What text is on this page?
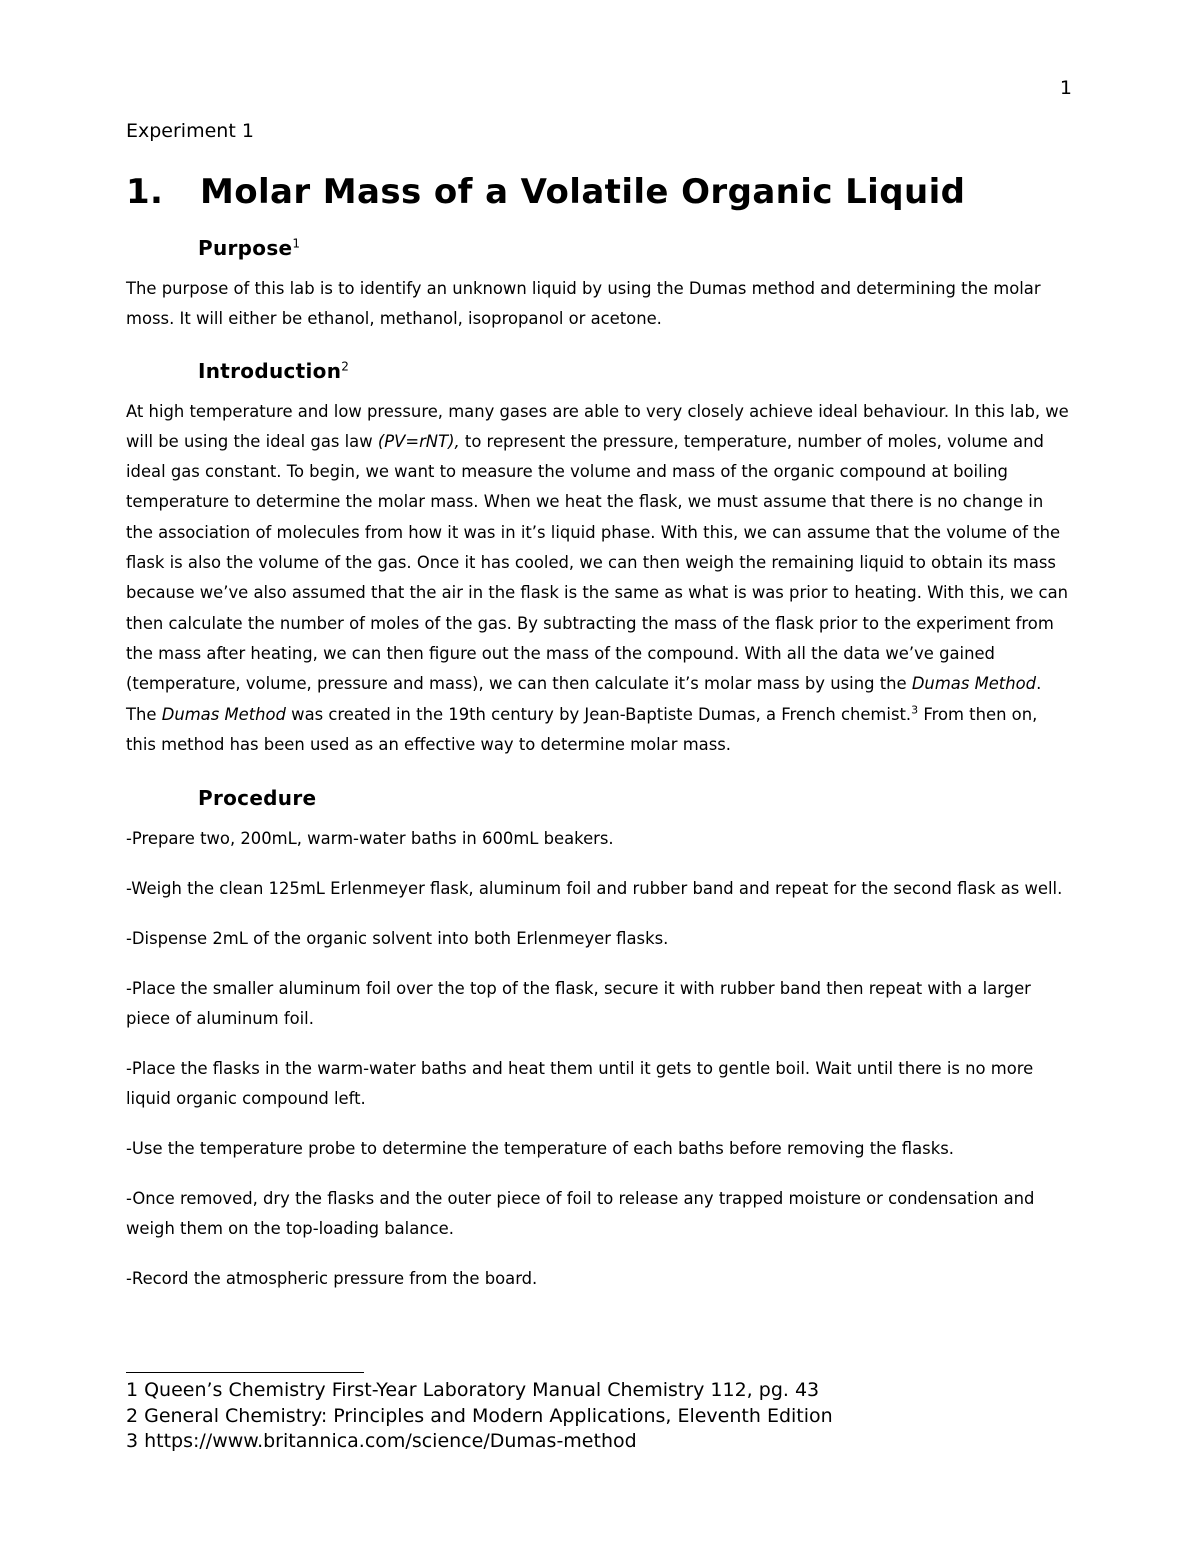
1
Experiment 1
1.	Molar Mass of a Volatile Organic Liquid
Purpose$^1$

The purpose of this lab is to identify an unknown liquid by using the Dumas method and determining the molar moss. It will either be ethanol, methanol, isopropanol or acetone.

Introduction$^2$

At high temperature and low pressure, many gases are able to very closely achieve ideal behaviour. In this lab, we will be using the ideal gas law (PV=rNT), to represent the pressure, temperature, number of moles, volume and ideal gas constant. To begin, we want to measure the volume and mass of the organic compound at boiling temperature to determine the molar mass. When we heat the flask, we must assume that there is no change in the association of molecules from how it was in it’s liquid phase. With this, we can assume that the volume of the flask is also the volume of the gas. Once it has cooled, we can then weigh the remaining liquid to obtain its mass because we’ve also assumed that the air in the flask is the same as what is was prior to heating. With this, we can then calculate the number of moles of the gas. By subtracting the mass of the flask prior to the experiment from the mass after heating, we can then figure out the mass of the compound. With all the data we’ve gained (temperature, volume, pressure and mass), we can then calculate it’s molar mass by using the Dumas Method. The Dumas Method was created in the 19th century by Jean-Baptiste Dumas, a French chemist.$^3$ From then on, this method has been used as an effective way to determine molar mass.

Procedure

-Prepare two, 200mL, warm-water baths in 600mL beakers.

-Weigh the clean 125mL Erlenmeyer flask, aluminum foil and rubber band and repeat for the second flask as well.

-Dispense 2mL of the organic solvent into both Erlenmeyer flasks.

-Place the smaller aluminum foil over the top of the flask, secure it with rubber band then repeat with a larger piece of aluminum foil.

-Place the flasks in the warm-water baths and heat them until it gets to gentle boil. Wait until there is no more liquid organic compound left.

-Use the temperature probe to determine the temperature of each baths before removing the flasks.

-Once removed, dry the flasks and the outer piece of foil to release any trapped moisture or condensation and weigh them on the top-loading balance.

-Record the atmospheric pressure from the board.

1 Queen’s Chemistry First-Year Laboratory Manual Chemistry 112, pg. 43
2 General Chemistry: Principles and Modern Applications, Eleventh Edition
3 https://www.britannica.com/science/Dumas-method
